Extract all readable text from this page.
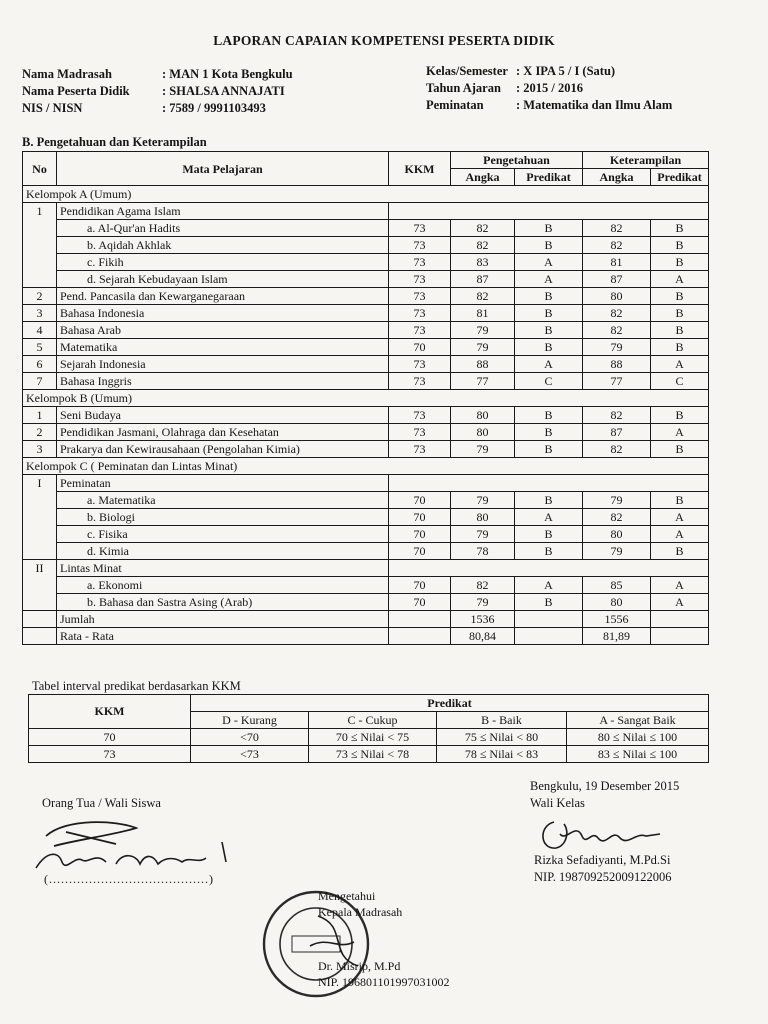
LAPORAN CAPAIAN KOMPETENSI PESERTA DIDIK
Nama Madrasah	: MAN 1 Kota Bengkulu
Nama Peserta Didik	: SHALSA ANNAJATI
NIS / NISN	: 7589 / 9991103493
Kelas/Semester : X IPA 5 / I (Satu)
Tahun Ajaran	: 2015 / 2016
Peminatan	: Matematika dan Ilmu Alam
B. Pengetahuan dan Keterampilan
No	Mata Pelajaran	KKM	Pengetahuan		Keterampilan	
			Angka	Predikat	Angka	Predikat
Kelompok A (Umum)						
1	Pendidikan Agama Islam					
	a. Al-Qur'an Hadits	73	82	B	82	B
	b. Aqidah Akhlak	73	82	B	82	B
	c. Fikih	73	83	A	81	B
	d. Sejarah Kebudayaan Islam	73	87	A	87	A
2	Pend. Pancasila dan Kewarganegaraan	73	82	B	80	B
3	Bahasa Indonesia	73	81	B	82	B
4	Bahasa Arab	73	79	B	82	B
5	Matematika	70	79	B	79	B
6	Sejarah Indonesia	73	88	A	88	A
7	Bahasa Inggris	73	77	C	77	C
Kelompok B (Umum)						
1	Seni Budaya	73	80	B	82	B
2	Pendidikan Jasmani, Olahraga dan Kesehatan	73	80	B	87	A
3	Prakarya dan Kewirausahaan (Pengolahan Kimia)	73	79	B	82	B
Kelompok C ( Peminatan dan Lintas Minat)						
I	Peminatan					
	a. Matematika	70	79	B	79	B
	b. Biologi	70	80	A	82	A
	c. Fisika	70	79	B	80	A
	d. Kimia	70	78	B	79	B
II	Lintas Minat					
	a. Ekonomi	70	82	A	85	A
	b. Bahasa dan Sastra Asing (Arab)	70	79	B	80	A
	Jumlah		1536		1556	
	Rata - Rata		80,84		81,89	
Tabel interval predikat berdasarkan KKM
KKM	Predikat			
	D - Kurang	C - Cukup	B - Baik	A - Sangat Baik
70	<70	70 ≤ Nilai < 75	75 ≤ Nilai < 80	80 ≤ Nilai ≤ 100
73	<73	73 ≤ Nilai < 78	78 ≤ Nilai < 83	83 ≤ Nilai ≤ 100
Orang Tua / Wali Siswa
(........................................)
Bengkulu, 19 Desember 2015
Wali Kelas
Rizka Sefadiyanti, M.Pd.Si
NIP. 198709252009122006
Mengetahui
Kepala Madrasah
Dr. Misrip, M.Pd
NIP. 196801101997031002
